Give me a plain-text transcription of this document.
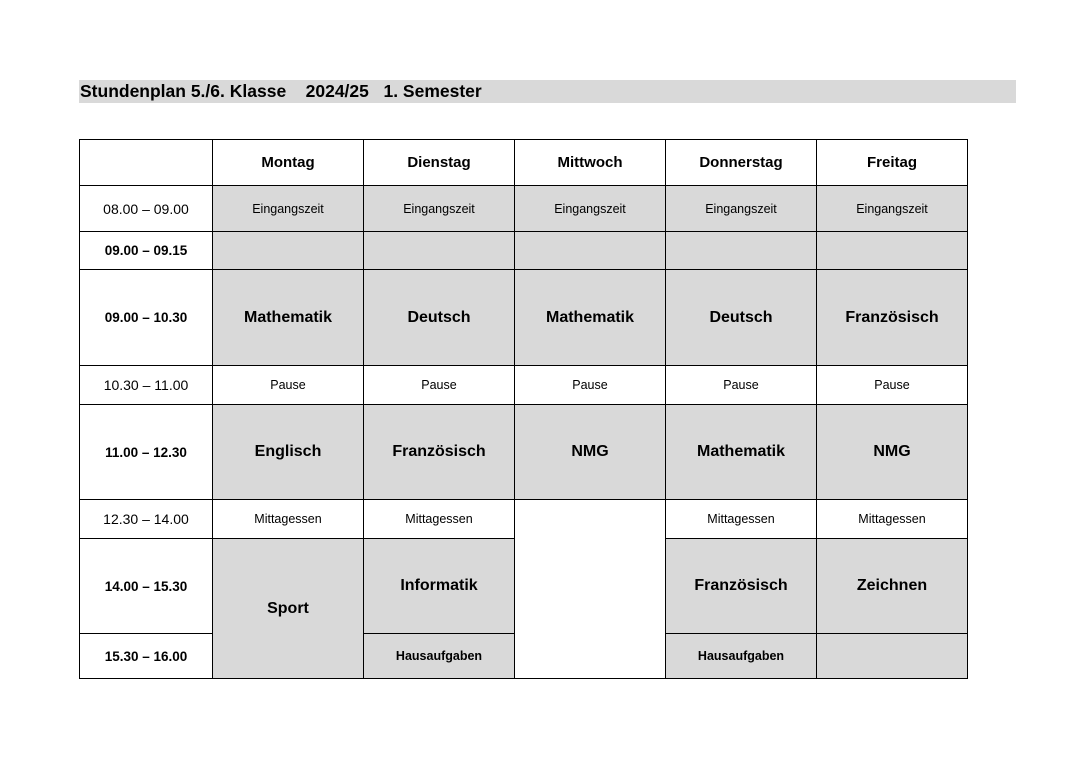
Stundenplan 5./6. Klasse    2024/25   1. Semester
	Montag	Dienstag	Mittwoch	Donnerstag	Freitag
08.00 – 09.00	Eingangszeit	Eingangszeit	Eingangszeit	Eingangszeit	Eingangszeit
09.00 – 09.15					
09.00 – 10.30	Mathematik	Deutsch	Mathematik	Deutsch	Französisch
10.30 – 11.00	Pause	Pause	Pause	Pause	Pause
11.00 – 12.30	Englisch	Französisch	NMG	Mathematik	NMG
12.30 – 14.00	Mittagessen	Mittagessen		Mittagessen	Mittagessen
14.00 – 15.30	Sport	Informatik		Französisch	Zeichnen
15.30 – 16.00		Hausaufgaben		Hausaufgaben	
